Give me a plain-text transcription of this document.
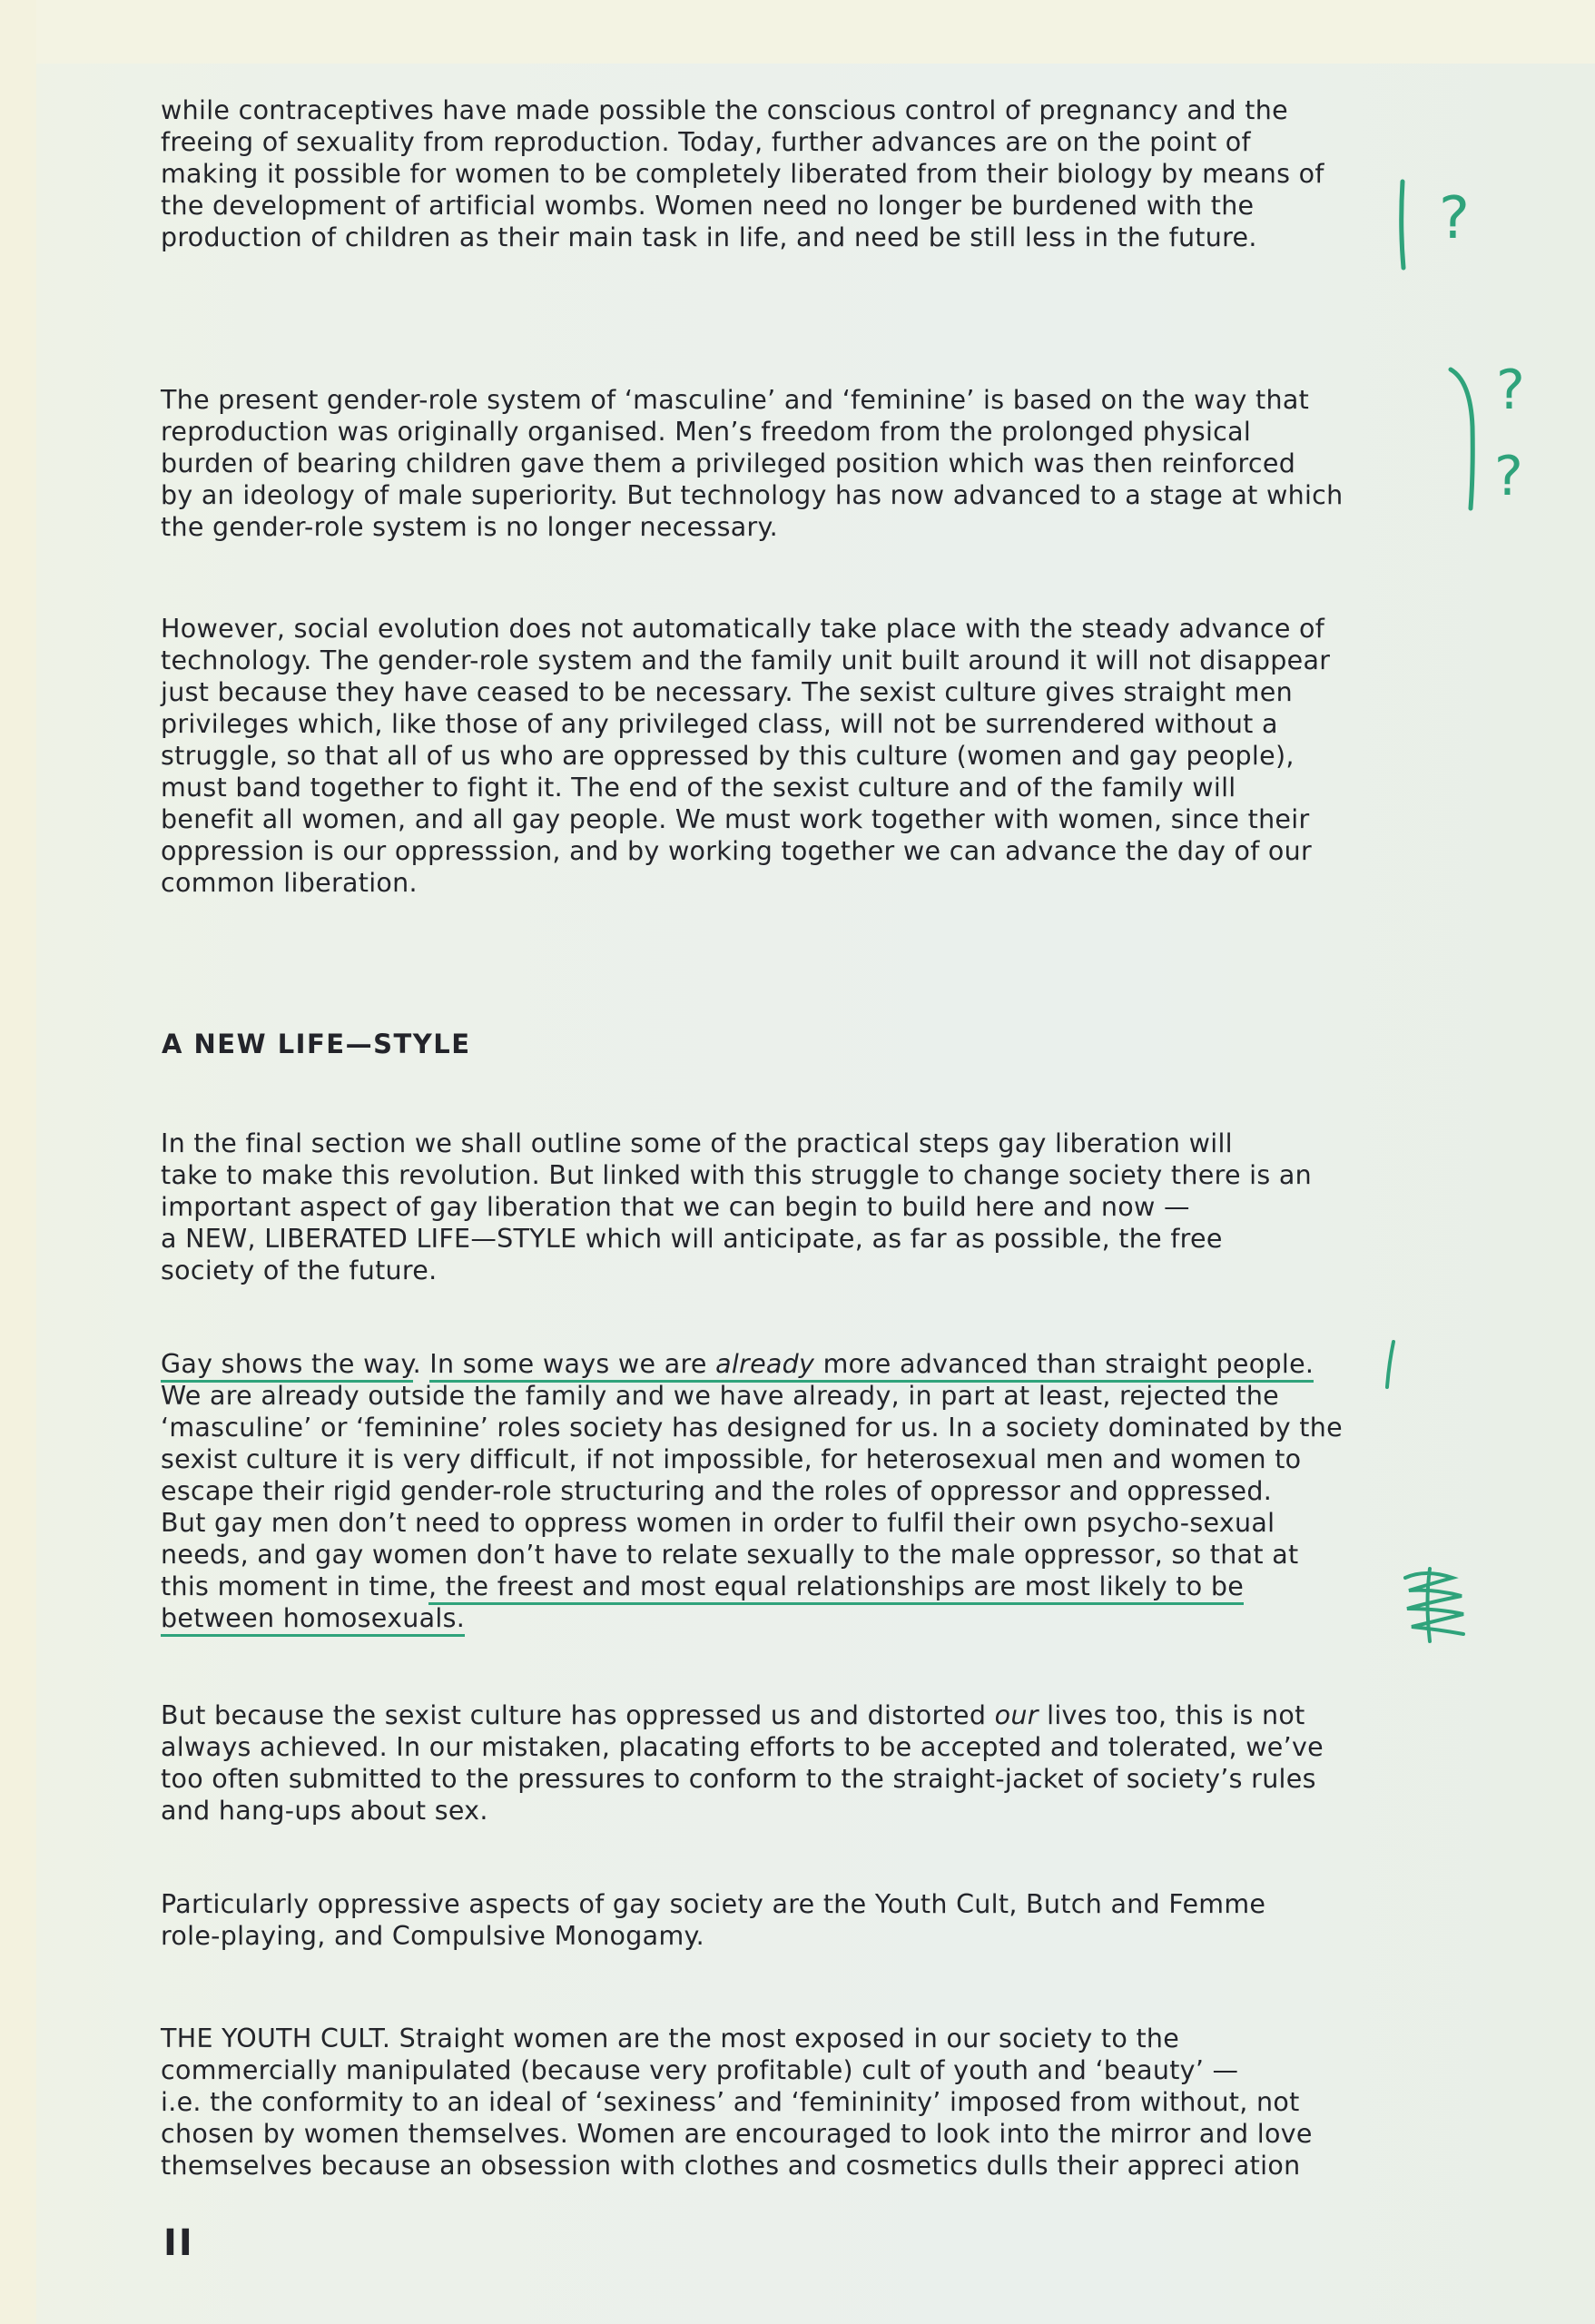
while contraceptives have made possible the conscious control of pregnancy and the
freeing of sexuality from reproduction. Today, further advances are on the point of
making it possible for women to be completely liberated from their biology by means of
the development of artificial wombs. Women need no longer be burdened with the
production of children as their main task in life, and need be still less in the future.

The present gender-role system of ‘masculine’ and ‘feminine’ is based on the way that
reproduction was originally organised. Men’s freedom from the prolonged physical
burden of bearing children gave them a privileged position which was then reinforced
by an ideology of male superiority. But technology has now advanced to a stage at which
the gender-role system is no longer necessary.

However, social evolution does not automatically take place with the steady advance of
technology. The gender-role system and the family unit built around it will not disappear
just because they have ceased to be necessary. The sexist culture gives straight men
privileges which, like those of any privileged class, will not be surrendered without a
struggle, so that all of us who are oppressed by this culture (women and gay people),
must band together to fight it. The end of the sexist culture and of the family will
benefit all women, and all gay people. We must work together with women, since their
oppression is our oppresssion, and by working together we can advance the day of our
common liberation.

A NEW LIFE—STYLE

In the final section we shall outline some of the practical steps gay liberation will
take to make this revolution. But linked with this struggle to change society there is an
important aspect of gay liberation that we can begin to build here and now —
a NEW, LIBERATED LIFE—STYLE which will anticipate, as far as possible, the free
society of the future.

Gay shows the way. In some ways we are already more advanced than straight people.
We are already outside the family and we have already, in part at least, rejected the
‘masculine’ or ‘feminine’ roles society has designed for us. In a society dominated by the
sexist culture it is very difficult, if not impossible, for heterosexual men and women to
escape their rigid gender-role structuring and the roles of oppressor and oppressed.
But gay men don’t need to oppress women in order to fulfil their own psycho-sexual
needs, and gay women don’t have to relate sexually to the male oppressor, so that at
this moment in time, the freest and most equal relationships are most likely to be
between homosexuals.

But because the sexist culture has oppressed us and distorted our lives too, this is not
always achieved. In our mistaken, placating efforts to be accepted and tolerated, we’ve
too often submitted to the pressures to conform to the straight-jacket of society’s rules
and hang-ups about sex.

Particularly oppressive aspects of gay society are the Youth Cult, Butch and Femme
role-playing, and Compulsive Monogamy.

THE YOUTH CULT. Straight women are the most exposed in our society to the
commercially manipulated (because very profitable) cult of youth and ‘beauty’ —
i.e. the conformity to an ideal of ‘sexiness’ and ‘femininity’ imposed from without, not
chosen by women themselves. Women are encouraged to look into the mirror and love
themselves because an obsession with clothes and cosmetics dulls their appreci ation

II
?
?
?
